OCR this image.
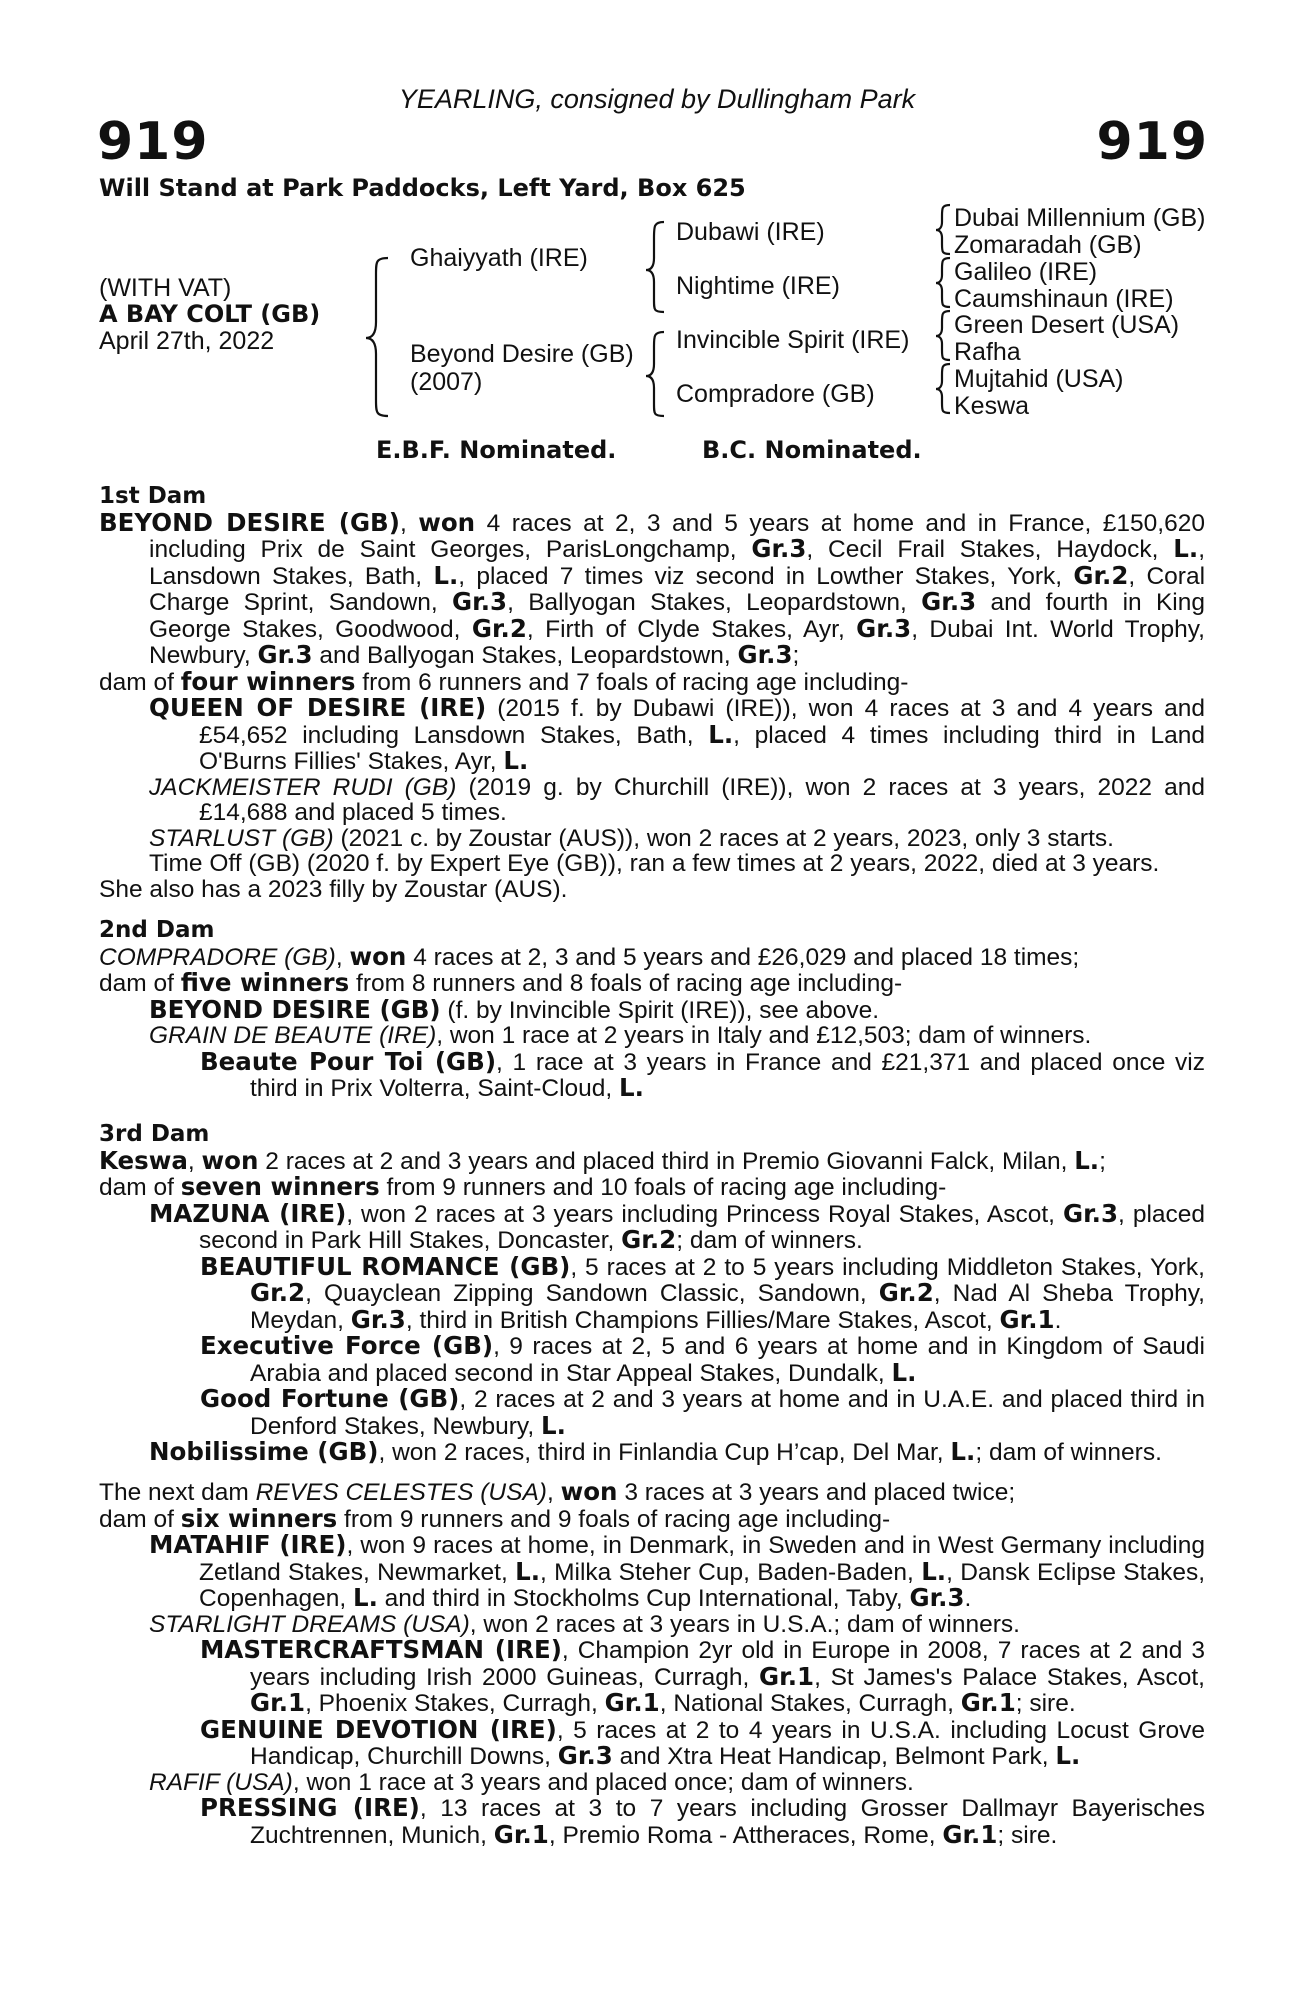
YEARLING, consigned by Dullingham Park
919	919
Will Stand at Park Paddocks, Left Yard, Box 625
(WITH VAT)
A BAY COLT (GB)
April 27th, 2022
Ghaiyyath (IRE)
Beyond Desire (GB)
(2007)
Dubawi (IRE)
Nightime (IRE)
Invincible Spirit (IRE)
Compradore (GB)
Dubai Millennium (GB)
Zomaradah (GB)
Galileo (IRE)
Caumshinaun (IRE)
Green Desert (USA)
Rafha
Mujtahid (USA)
Keswa
E.B.F. Nominated.	B.C. Nominated.
1st Dam

BEYOND DESIRE (GB), won 4 races at 2, 3 and 5 years at home and in France, £150,620 including Prix de Saint Georges, ParisLongchamp, Gr.3, Cecil Frail Stakes, Haydock, L., Lansdown Stakes, Bath, L., placed 7 times viz second in Lowther Stakes, York, Gr.2, Coral Charge Sprint, Sandown, Gr.3, Ballyogan Stakes, Leopardstown, Gr.3 and fourth in King George Stakes, Goodwood, Gr.2, Firth of Clyde Stakes, Ayr, Gr.3, Dubai Int. World Trophy, Newbury, Gr.3 and Ballyogan Stakes, Leopardstown, Gr.3;

dam of four winners from 6 runners and 7 foals of racing age including-

QUEEN OF DESIRE (IRE) (2015 f. by Dubawi (IRE)), won 4 races at 3 and 4 years and £54,652 including Lansdown Stakes, Bath, L., placed 4 times including third in Land O'Burns Fillies' Stakes, Ayr, L.

JACKMEISTER RUDI (GB) (2019 g. by Churchill (IRE)), won 2 races at 3 years, 2022 and £14,688 and placed 5 times.

STARLUST (GB) (2021 c. by Zoustar (AUS)), won 2 races at 2 years, 2023, only 3 starts.

Time Off (GB) (2020 f. by Expert Eye (GB)), ran a few times at 2 years, 2022, died at 3 years.

She also has a 2023 filly by Zoustar (AUS).

2nd Dam

COMPRADORE (GB), won 4 races at 2, 3 and 5 years and £26,029 and placed 18 times;

dam of five winners from 8 runners and 8 foals of racing age including-

BEYOND DESIRE (GB) (f. by Invincible Spirit (IRE)), see above.

GRAIN DE BEAUTE (IRE), won 1 race at 2 years in Italy and £12,503; dam of winners.

Beaute Pour Toi (GB), 1 race at 3 years in France and £21,371 and placed once viz third in Prix Volterra, Saint-Cloud, L.

3rd Dam

Keswa, won 2 races at 2 and 3 years and placed third in Premio Giovanni Falck, Milan, L.;

dam of seven winners from 9 runners and 10 foals of racing age including-

MAZUNA (IRE), won 2 races at 3 years including Princess Royal Stakes, Ascot, Gr.3, placed second in Park Hill Stakes, Doncaster, Gr.2; dam of winners.

BEAUTIFUL ROMANCE (GB), 5 races at 2 to 5 years including Middleton Stakes, York, Gr.2, Quayclean Zipping Sandown Classic, Sandown, Gr.2, Nad Al Sheba Trophy, Meydan, Gr.3, third in British Champions Fillies/Mare Stakes, Ascot, Gr.1.

Executive Force (GB), 9 races at 2, 5 and 6 years at home and in Kingdom of Saudi Arabia and placed second in Star Appeal Stakes, Dundalk, L.

Good Fortune (GB), 2 races at 2 and 3 years at home and in U.A.E. and placed third in Denford Stakes, Newbury, L.

Nobilissime (GB), won 2 races, third in Finlandia Cup H’cap, Del Mar, L.; dam of winners.

The next dam REVES CELESTES (USA), won 3 races at 3 years and placed twice;

dam of six winners from 9 runners and 9 foals of racing age including-

MATAHIF (IRE), won 9 races at home, in Denmark, in Sweden and in West Germany including Zetland Stakes, Newmarket, L., Milka Steher Cup, Baden-Baden, L., Dansk Eclipse Stakes, Copenhagen, L. and third in Stockholms Cup International, Taby, Gr.3.

STARLIGHT DREAMS (USA), won 2 races at 3 years in U.S.A.; dam of winners.

MASTERCRAFTSMAN (IRE), Champion 2yr old in Europe in 2008, 7 races at 2 and 3 years including Irish 2000 Guineas, Curragh, Gr.1, St James's Palace Stakes, Ascot, Gr.1, Phoenix Stakes, Curragh, Gr.1, National Stakes, Curragh, Gr.1; sire.

GENUINE DEVOTION (IRE), 5 races at 2 to 4 years in U.S.A. including Locust Grove Handicap, Churchill Downs, Gr.3 and Xtra Heat Handicap, Belmont Park, L.

RAFIF (USA), won 1 race at 3 years and placed once; dam of winners.

PRESSING (IRE), 13 races at 3 to 7 years including Grosser Dallmayr Bayerisches Zuchtrennen, Munich, Gr.1, Premio Roma - Attheraces, Rome, Gr.1; sire.
